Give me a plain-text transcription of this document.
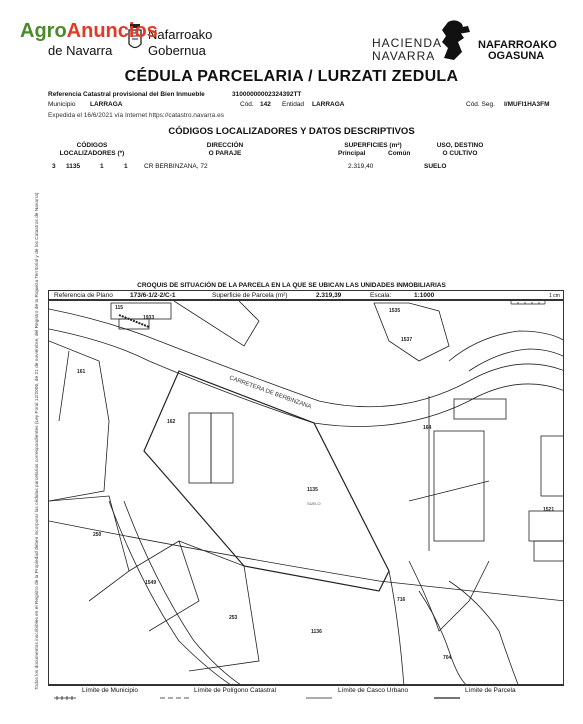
Nafarroako
de Navarra	Gobernua
AgroAnuncios
HACIENDA
NAVARRA
NAFARROAKO
OGASUNA
CÉDULA PARCELARIA / LURZATI ZEDULA
Referencia Catastral provisional del Bien Inmueble	31000000002324392TT
Municipio LARRAGA	Cód. 142 Entidad LARRAGA	Cód. Seg. I/MUFI1HA3FM
Expedida el 16/6/2021 vía Internet https://catastro.navarra.es
CÓDIGOS LOCALIZADORES Y DATOS DESCRIPTIVOS
CÓDIGOS
LOCALIZADORES (*)
DIRECCIÓN
O PARAJE
SUPERFICIES (m²)
Principal	Común
USO, DESTINO
O CULTIVO
3 1135	1	1	CR BERBINZANA, 72	2.319,40	SUELO
CROQUIS DE SITUACIÓN DE LA PARCELA EN LA QUE SE UBICAN LAS UNIDADES INMOBILIARIAS
Referencia de Plano	173/6-1/2-2/C-1	Superficie de Parcela (m²)	2.319,39	Escala:	1:1000	1 cm
Todos los documentos inscribibles en el Registro de la Propiedad deben incorporar las cédulas parcelarias correspondientes (Ley Foral 12/2006, de 21 de noviembre, del Registro de la Riqueza Territorial y de los Catastros de Navarra)	CARRETERA DE BERBINZANA
1933
115
161
162
1135
1537
1535
164
250
1549
253
1136
716
704
1521
SUELO
Límite de Municipio	Límite de Polígono Catastral	Límite de Casco Urbano	Límite de Parcela
